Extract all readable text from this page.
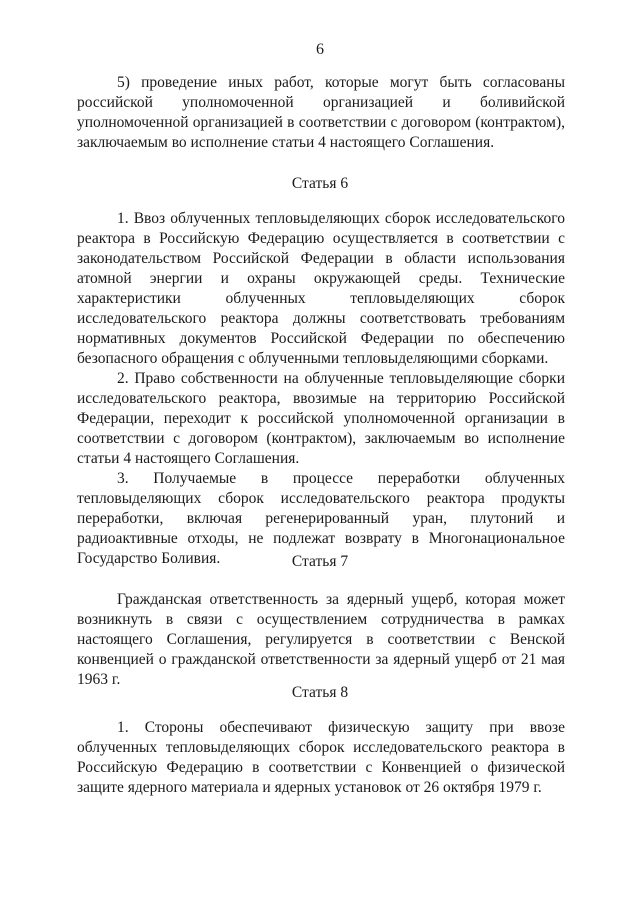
6

5) проведение иных работ, которые могут быть согласованы российской уполномоченной организацией и боливийской уполномоченной организацией в соответствии с договором (контрактом), заключаемым во исполнение статьи 4 настоящего Соглашения.

Статья 6

1. Ввоз облученных тепловыделяющих сборок исследовательского реактора в Российскую Федерацию осуществляется в соответствии с законодательством Российской Федерации в области использования атомной энергии и охраны окружающей среды. Технические характеристики облученных тепловыделяющих сборок исследовательского реактора должны соответствовать требованиям нормативных документов Российской Федерации по обеспечению безопасного обращения с облученными тепловыделяющими сборками.

2. Право собственности на облученные тепловыделяющие сборки исследовательского реактора, ввозимые на территорию Российской Федерации, переходит к российской уполномоченной организации в соответствии с договором (контрактом), заключаемым во исполнение статьи 4 настоящего Соглашения.

3. Получаемые в процессе переработки облученных тепловыделяющих сборок исследовательского реактора продукты переработки, включая регенерированный уран, плутоний и радиоактивные отходы, не подлежат возврату в Многонациональное Государство Боливия.	Статья 7

Гражданская ответственность за ядерный ущерб, которая может возникнуть в связи с осуществлением сотрудничества в рамках настоящего Соглашения, регулируется в соответствии с Венской конвенцией о гражданской ответственности за ядерный ущерб от 21 мая 1963 г.

Статья 8

1. Стороны обеспечивают физическую защиту при ввозе облученных тепловыделяющих сборок исследовательского реактора в Российскую Федерацию в соответствии с Конвенцией о физической защите ядерного материала и ядерных установок от 26 октября 1979 г.
